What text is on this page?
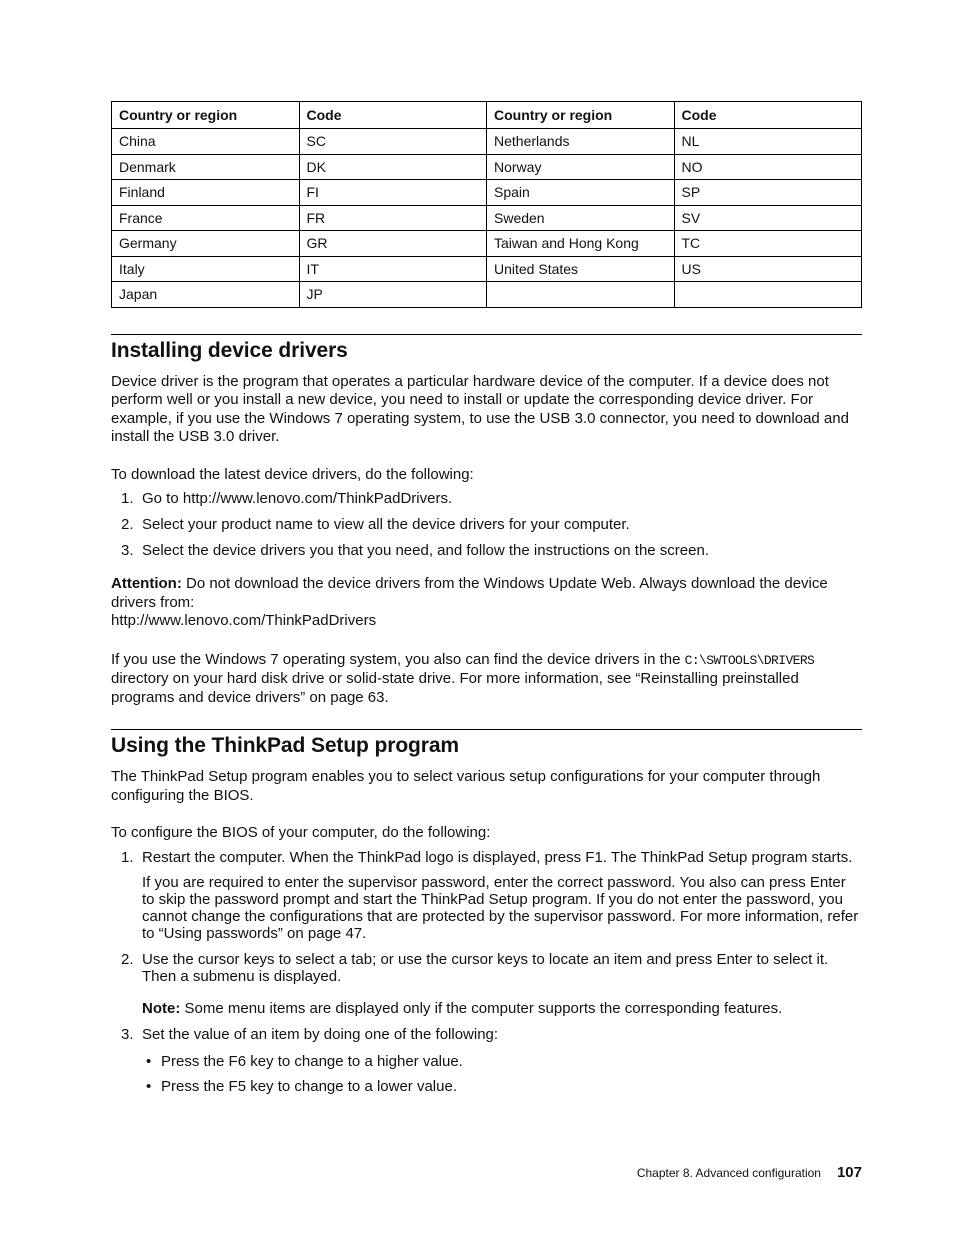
Country or region	Code	Country or region	Code
China	SC	Netherlands	NL
Denmark	DK	Norway	NO
Finland	FI	Spain	SP
France	FR	Sweden	SV
Germany	GR	Taiwan and Hong Kong	TC
Italy	IT	United States	US
Japan	JP		
Installing device drivers

Device driver is the program that operates a particular hardware device of the computer. If a device does not perform well or you install a new device, you need to install or update the corresponding device driver. For example, if you use the Windows 7 operating system, to use the USB 3.0 connector, you need to download and install the USB 3.0 driver.

To download the latest device drivers, do the following:

1. Go to http://www.lenovo.com/ThinkPadDrivers.
2. Select your product name to view all the device drivers for your computer.
3. Select the device drivers you that you need, and follow the instructions on the screen.

Attention: Do not download the device drivers from the Windows Update Web. Always download the device drivers from:
http://www.lenovo.com/ThinkPadDrivers

If you use the Windows 7 operating system, you also can find the device drivers in the C:\SWTOOLS\DRIVERS directory on your hard disk drive or solid-state drive. For more information, see “Reinstalling preinstalled programs and device drivers” on page 63.

Using the ThinkPad Setup program

The ThinkPad Setup program enables you to select various setup configurations for your computer through configuring the BIOS.

To configure the BIOS of your computer, do the following:

1. Restart the computer. When the ThinkPad logo is displayed, press F1. The ThinkPad Setup program starts.
If you are required to enter the supervisor password, enter the correct password. You also can press Enter to skip the password prompt and start the ThinkPad Setup program. If you do not enter the password, you cannot change the configurations that are protected by the supervisor password. For more information, refer to “Using passwords” on page 47.
2. Use the cursor keys to select a tab; or use the cursor keys to locate an item and press Enter to select it. Then a submenu is displayed.
Note: Some menu items are displayed only if the computer supports the corresponding features.
3. Set the value of an item by doing one of the following:
• Press the F6 key to change to a higher value.
• Press the F5 key to change to a lower value.
Chapter 8. Advanced configuration 107
